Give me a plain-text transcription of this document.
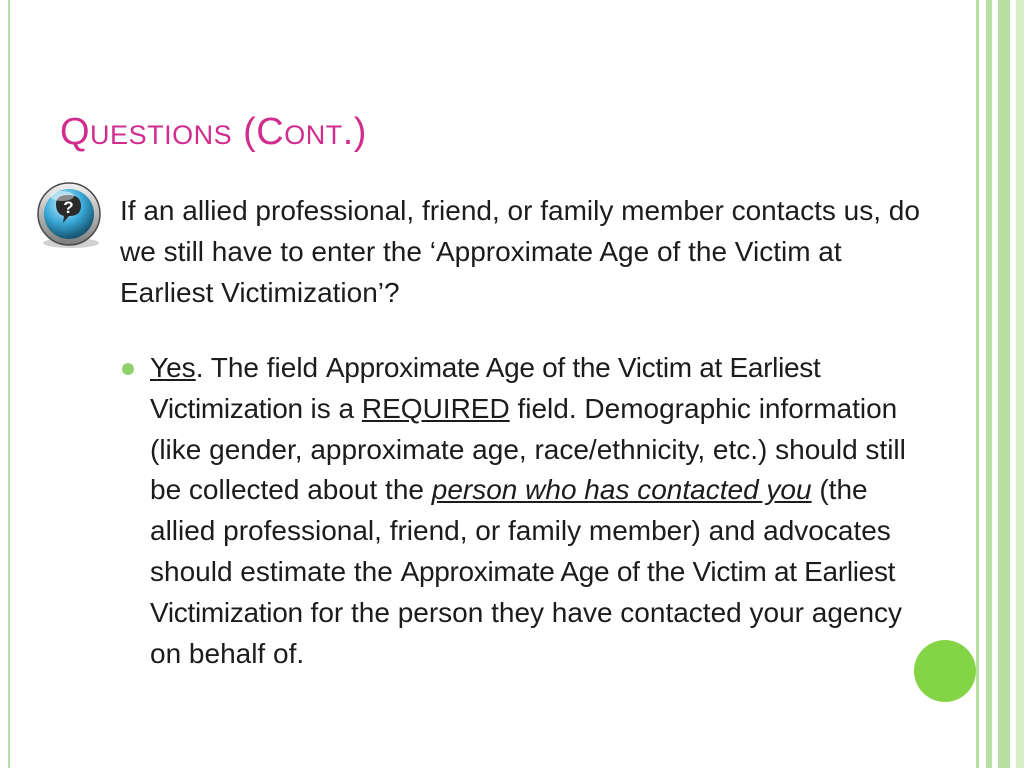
Questions (Cont.)
? If an allied professional, friend, or family member contacts us, do we still have to enter the ‘Approximate Age of the Victim at Earliest Victimization’?
Yes. The field Approximate Age of the Victim at Earliest Victimization is a REQUIRED field. Demographic information (like gender, approximate age, race/ethnicity, etc.) should still be collected about the person who has contacted you (the allied professional, friend, or family member) and advocates should estimate the Approximate Age of the Victim at Earliest Victimization for the person they have contacted your agency on behalf of.
